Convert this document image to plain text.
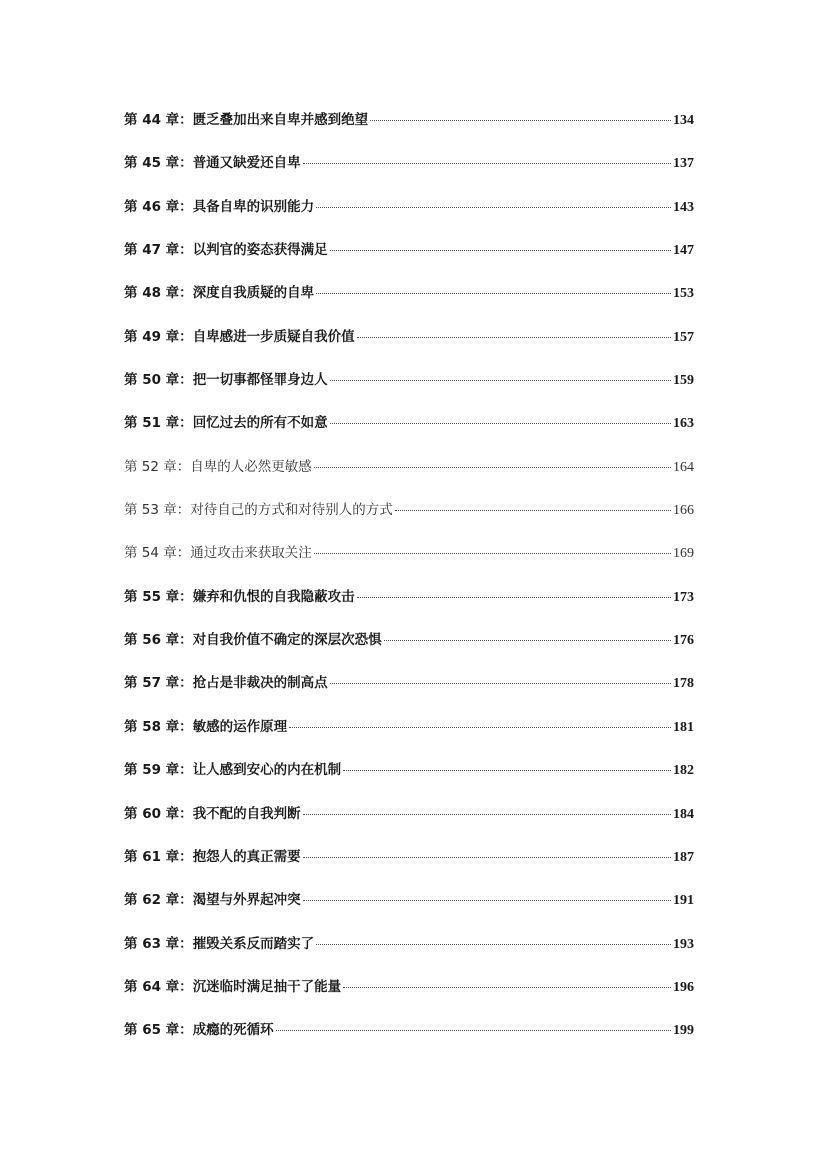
第 44 章： 匮乏叠加出来自卑并感到绝望	134
第 45 章： 普通又缺爱还自卑	137
第 46 章： 具备自卑的识别能力	143
第 47 章： 以判官的姿态获得满足	147
第 48 章： 深度自我质疑的自卑	153
第 49 章： 自卑感进一步质疑自我价值	157
第 50 章： 把一切事都怪罪身边人	159
第 51 章： 回忆过去的所有不如意	163
第 52 章： 自卑的人必然更敏感	164
第 53 章： 对待自己的方式和对待别人的方式	166
第 54 章： 通过攻击来获取关注	169
第 55 章： 嫌弃和仇恨的自我隐蔽攻击	173
第 56 章： 对自我价值不确定的深层次恐惧	176
第 57 章： 抢占是非裁决的制高点	178
第 58 章： 敏感的运作原理	181
第 59 章： 让人感到安心的内在机制	182
第 60 章： 我不配的自我判断	184
第 61 章： 抱怨人的真正需要	187
第 62 章： 渴望与外界起冲突	191
第 63 章： 摧毁关系反而踏实了	193
第 64 章： 沉迷临时满足抽干了能量	196
第 65 章： 成瘾的死循环	199
